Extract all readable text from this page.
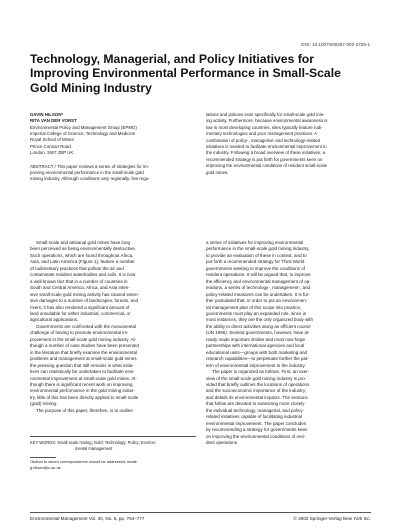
DOI: 10.1007/s00267-002-2729-1
Technology, Managerial, and Policy Initiatives for Improving Environmental Performance in Small-Scale Gold Mining Industry
GAVIN HILSON*
RITA VAN DER VORST
Environmental Policy and Management Group (EPMG)
Imperial College of Science, Technology and Medicine
Royal School of Mines
Prince Consort Road
London, SW7 2BP UK
ABSTRACT / This paper reviews a series of strategies for im-
proving environmental performance in the small-scale gold
mining industry. Although conditions vary regionally, few regu-
lations and policies exist specifically for small-scale gold min-
ing activity. Furthermore, because environmental awareness is
low in most developing countries, sites typically feature rudi-
mentary technologies and poor management practices. A
combination of policy-, managerial- and technology-related
initiatives is needed to facilitate environmental improvement in
the industry. Following a broad overview of these initiatives, a
recommended strategy is put forth for governments keen on
improving the environmental conditions of resident small-scale
gold mines.
Small-scale and artisanal gold mines have long
been perceived as being environmentally destructive.
Such operations, which are found throughout Africa,
Asia, and Latin America (Figure 1), feature a number
of rudimentary practices that pollute the air and
contaminate resident waterbodies and soils. It is now
a well-known fact that in a number of countries in
South and Central America, Africa, and Asia inten-
sive small-scale gold mining activity has caused exten-
sive damages to a number of landscapes, forests, and
rivers; it has also rendered a significant amount of
land unsuitable for either industrial, commercial, or
agricultural applications.
Governments are confronted with the monumental
challenge of having to promote environmental im-
provement in the small-scale gold mining industry. Al-
though a number of case studies have been presented
in the literature that briefly examine the environmental
problems and management at small-scale gold mines,
the pressing question that still remains is what initia-
tives can realistically be undertaken to facilitate envi-
ronmental improvement at small-scale gold mines. Al-
though there is significant recent work on improving
environmental performance in the gold mining indus-
try, little of this has been directly applied to small-scale
(gold) mining.
The purpose of this paper, therefore, is to outline
a series of initiatives for improving environmental
performance in the small-scale gold mining industry,
to provide an evaluation of these in context, and to
put forth a recommended strategy for Third World
governments seeking to improve the conditions of
resident operations. It will be argued that, to improve
the efficiency and environmental management of op-
erations, a series of technology-, management-, and
policy-related measures can be undertaken. It is fur-
ther postulated that, in order to put an environmen-
tal management plan of this scope into practice,
governments must play an expanded role, since in
most instances, they are the only organized body with
the ability to direct activities along an efficient course
(UN 1996). Several governments, however, have al-
ready made important strides and must now forge
partnerships with international agencies and local
educational units—groups with both marketing and
research capabilities—to perpetuate further the pat-
tern of environmental improvement in the industry.
The paper is organized as follows. First, an over-
view of the small-scale gold mining industry is pro-
vided that briefly outlines the locations of operations
and the socioeconomic importance of the industry,
and details its environmental impacts. The sections
that follow are devoted to examining more closely
the individual technology, managerial, and policy-
related initiatives capable of facilitating industrial
environmental improvement. The paper concludes
by recommending a strategy for governments keen
on improving the environmental conditions of resi-
dent operations.
KEY WORDS: Small-scale mining; Gold; Technology; Policy; Environ-
mental management
*Author to whom correspondence should be addressed; email:
g.hilson@ic.ac.uk
Environmental Management Vol. 30, No. 6, pp. 764–777	© 2002 Springer-Verlag New York Inc.
